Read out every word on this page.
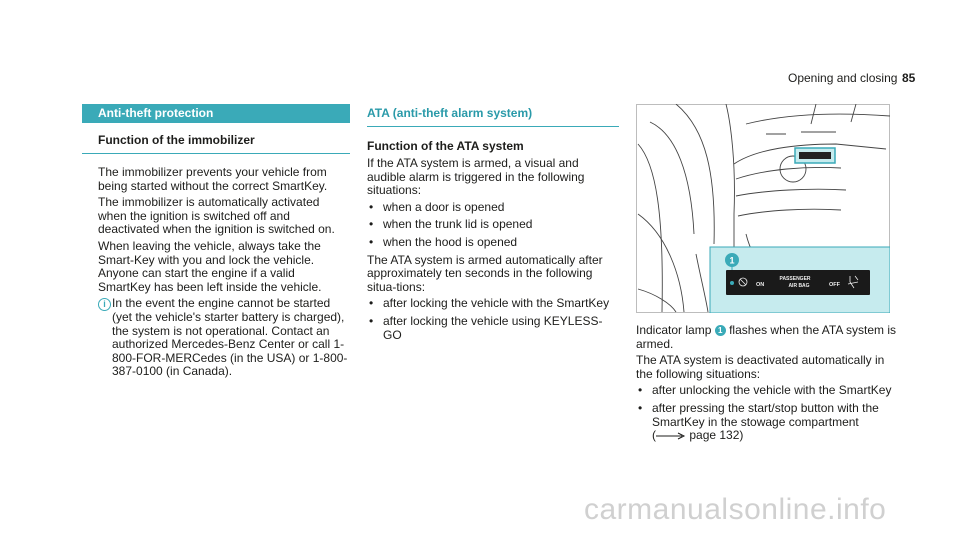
Opening and closing 85
Anti-theft protection
Function of the immobilizer

The immobilizer prevents your vehicle from being started without the correct SmartKey.

The immobilizer is automatically activated when the ignition is switched off and deactivated when the ignition is switched on.

When leaving the vehicle, always take the Smart-Key with you and lock the vehicle. Anyone can start the engine if a valid SmartKey has been left inside the vehicle.

i In the event the engine cannot be started (yet the vehicle's starter battery is charged), the system is not operational. Contact an authorized Mercedes-Benz Center or call 1-800-FOR-MERCedes (in the USA) or 1-800-387-0100 (in Canada).
ATA (anti-theft alarm system)
Function of the ATA system

If the ATA system is armed, a visual and audible alarm is triggered in the following situations:

• when a door is opened
• when the trunk lid is opened
• when the hood is opened

The ATA system is armed automatically after approximately ten seconds in the following situa-tions:

• after locking the vehicle with the SmartKey
• after locking the vehicle using KEYLESS-GO
1
ON
PASSENGER
AIR BAG	OFF

Indicator lamp 1 flashes when the ATA system is armed.

The ATA system is deactivated automatically in the following situations:

• after unlocking the vehicle with the SmartKey
• after pressing the start/stop button with the SmartKey in the stowage compartment
(	page 132)
carmanualsonline.info
